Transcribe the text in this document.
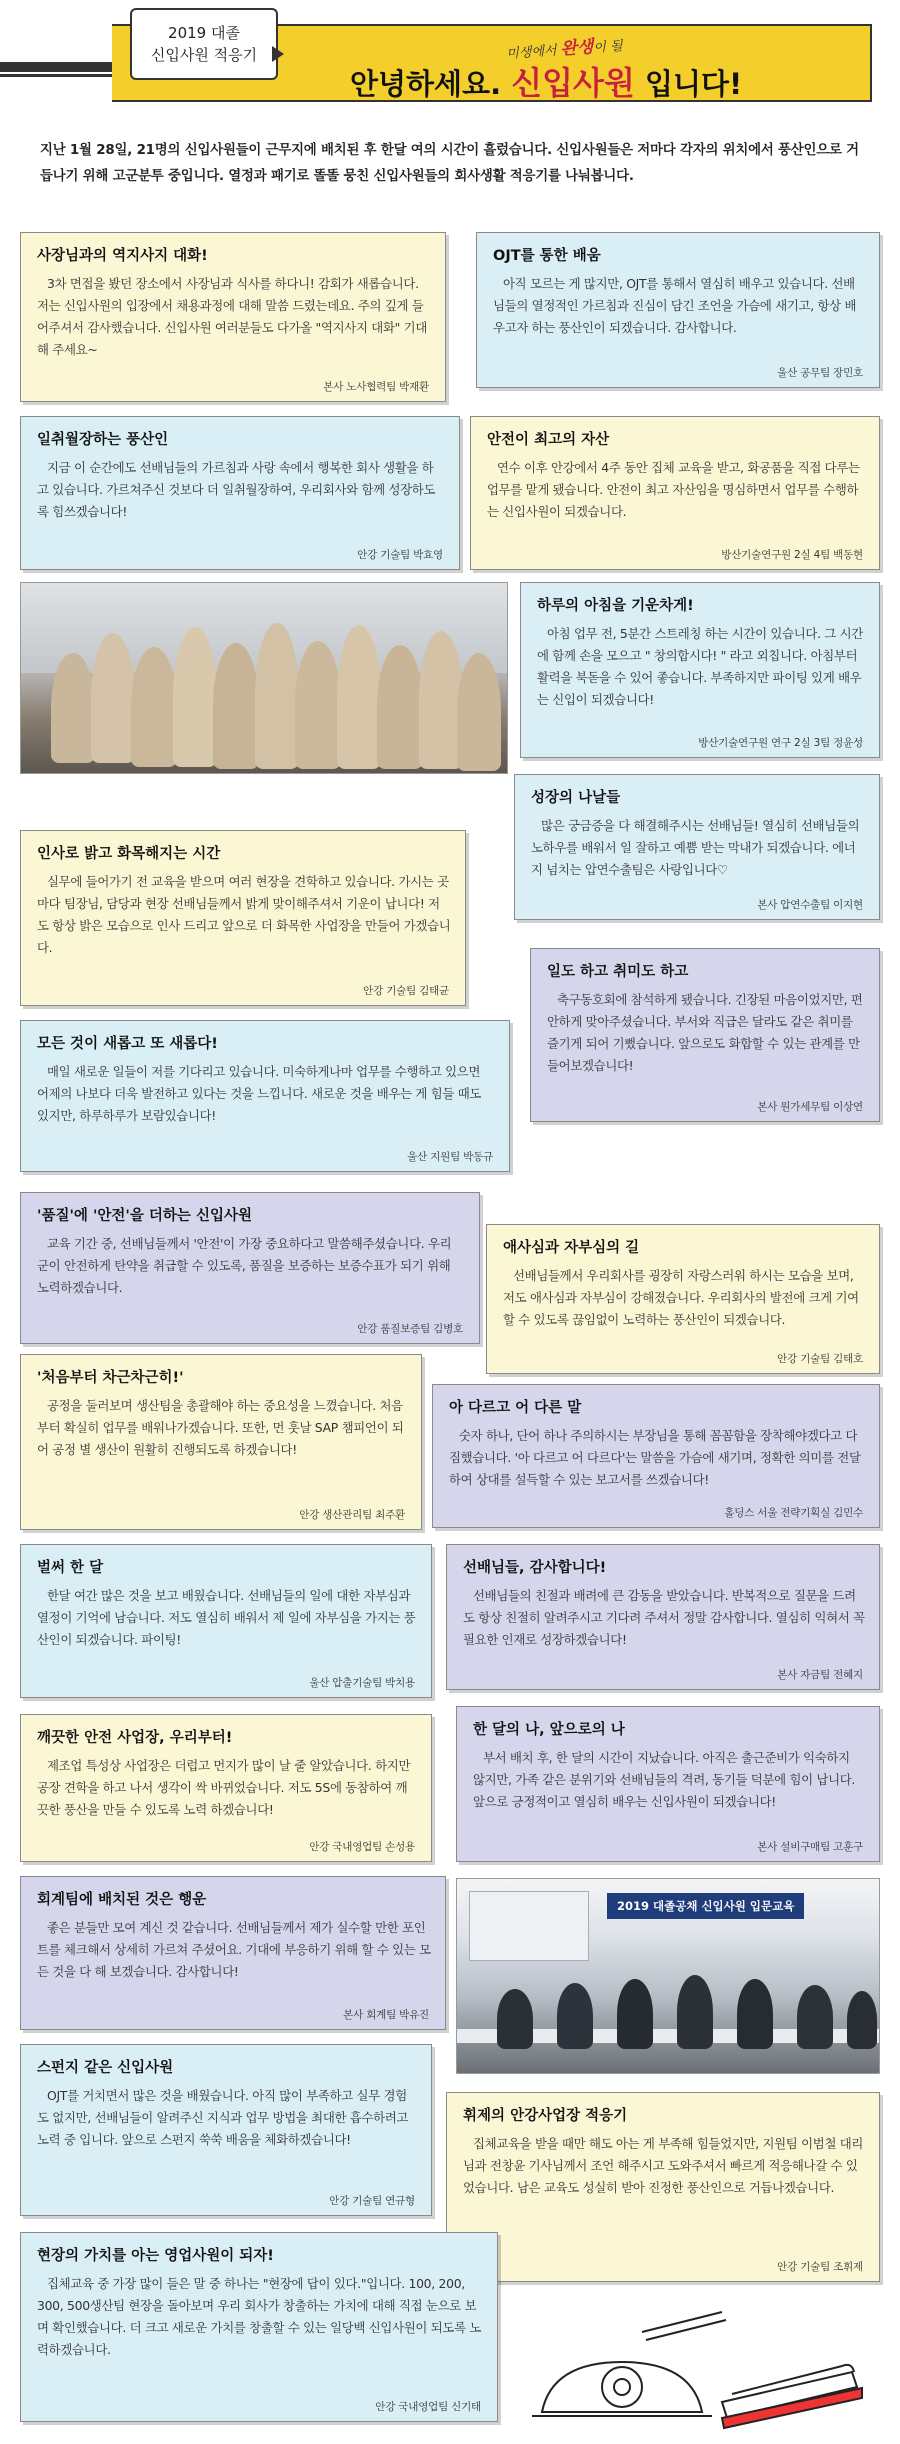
2019 대졸
신입사원 적응기	미생에서 완생이 될
안녕하세요. 신입사원 입니다!

지난 1월 28일, 21명의 신입사원들이 근무지에 배치된 후 한달 여의 시간이 흘렀습니다. 신입사원들은 저마다 각자의 위치에서 풍산인으로 거듭나기 위해 고군분투 중입니다. 열정과 패기로 똘똘 뭉친 신입사원들의 회사생활 적응기를 나눠봅니다.

사장님과의 역지사지 대화!

3차 면접을 봤던 장소에서 사장님과 식사를 하다니! 감회가 새롭습니다. 저는 신입사원의 입장에서 채용과정에 대해 말씀 드렸는데요. 주의 깊게 들어주셔서 감사했습니다. 신입사원 여러분들도 다가올 "역지사지 대화" 기대해 주세요~

본사 노사협력팀 박재환
OJT를 통한 배움

아직 모르는 게 많지만, OJT를 통해서 열심히 배우고 있습니다. 선배님들의 열정적인 가르침과 진심이 담긴 조언을 가슴에 새기고, 항상 배우고자 하는 풍산인이 되겠습니다. 감사합니다.

울산 공무팀 장민호
일취월장하는 풍산인

지금 이 순간에도 선배님들의 가르침과 사랑 속에서 행복한 회사 생활을 하고 있습니다. 가르쳐주신 것보다 더 일취월장하여, 우리회사와 함께 성장하도록 힘쓰겠습니다!

안강 기술팀 박효영
안전이 최고의 자산

연수 이후 안강에서 4주 동안 집체 교육을 받고, 화공품을 직접 다루는 업무를 맡게 됐습니다. 안전이 최고 자산임을 명심하면서 업무를 수행하는 신입사원이 되겠습니다.

방산기술연구원 2실 4팀 백동현
하루의 아침을 기운차게!

아침 업무 전, 5분간 스트레칭 하는 시간이 있습니다. 그 시간에 함께 손을 모으고 " 창의합시다! " 라고 외칩니다. 아침부터 활력을 북돋을 수 있어 좋습니다. 부족하지만 파이팅 있게 배우는 신입이 되겠습니다!

방산기술연구원 연구 2실 3팀 정윤성
성장의 나날들

많은 궁금증을 다 해결해주시는 선배님들! 열심히 선배님들의 노하우를 배워서 일 잘하고 예쁨 받는 막내가 되겠습니다. 에너지 넘치는 압연수출팀은 사랑입니다♡

본사 압연수출팀 이지현
인사로 밝고 화목해지는 시간

실무에 들어가기 전 교육을 받으며 여러 현장을 견학하고 있습니다. 가시는 곳 마다 팀장님, 담당과 현장 선배님들께서 밝게 맞이해주셔서 기운이 납니다! 저도 항상 밝은 모습으로 인사 드리고 앞으로 더 화목한 사업장을 만들어 가겠습니다.

안강 기술팀 김태균
일도 하고 취미도 하고

축구동호회에 참석하게 됐습니다. 긴장된 마음이었지만, 편안하게 맞아주셨습니다. 부서와 직급은 달라도 같은 취미를 즐기게 되어 기뻤습니다. 앞으로도 화합할 수 있는 관계를 만들어보겠습니다!

본사 원가세무팀 이상연
모든 것이 새롭고 또 새롭다!

매일 새로운 일들이 저를 기다리고 있습니다. 미숙하게나마 업무를 수행하고 있으면 어제의 나보다 더욱 발전하고 있다는 것을 느낍니다. 새로운 것을 배우는 게 힘들 때도 있지만, 하루하루가 보람있습니다!

울산 지원팀 박동규
'품질'에 '안전'을 더하는 신입사원

교육 기간 중, 선배님들께서 '안전'이 가장 중요하다고 말씀해주셨습니다. 우리 군이 안전하게 탄약을 취급할 수 있도록, 품질을 보증하는 보증수표가 되기 위해 노력하겠습니다.

안강 품질보증팀 김병호
애사심과 자부심의 길

선배님들께서 우리회사를 굉장히 자랑스러워 하시는 모습을 보며, 저도 애사심과 자부심이 강해졌습니다. 우리회사의 발전에 크게 기여할 수 있도록 끊임없이 노력하는 풍산인이 되겠습니다.

안강 기술팀 김태호
'처음부터 차근차근히!'

공정을 둘러보며 생산팀을 총괄해야 하는 중요성을 느꼈습니다. 처음부터 확실히 업무를 배워나가겠습니다. 또한, 먼 훗날 SAP 챔피언이 되어 공정 별 생산이 원활히 진행되도록 하겠습니다!

안강 생산관리팀 최주환
아 다르고 어 다른 말

숫자 하나, 단어 하나 주의하시는 부장님을 통해 꼼꼼함을 장착해야겠다고 다짐했습니다. '아 다르고 어 다르다'는 말씀을 가슴에 새기며, 정확한 의미를 전달하여 상대를 설득할 수 있는 보고서를 쓰겠습니다!

홀딩스 서울 전략기획실 김민수
벌써 한 달

한달 여간 많은 것을 보고 배웠습니다. 선배님들의 일에 대한 자부심과 열정이 기억에 남습니다. 저도 열심히 배워서 제 일에 자부심을 가지는 풍산인이 되겠습니다. 파이팅!

울산 압출기술팀 박치용
선배님들, 감사합니다!

선배님들의 친절과 배려에 큰 감동을 받았습니다. 반복적으로 질문을 드려도 항상 친절히 알려주시고 기다려 주셔서 정말 감사합니다. 열심히 익혀서 꼭 필요한 인재로 성장하겠습니다!

본사 자금팀 전혜지
깨끗한 안전 사업장, 우리부터!

제조업 특성상 사업장은 더럽고 먼지가 많이 날 줄 알았습니다. 하지만 공장 견학을 하고 나서 생각이 싹 바뀌었습니다. 저도 5S에 동참하여 깨끗한 풍산을 만들 수 있도록 노력 하겠습니다!

안강 국내영업팀 손성용
한 달의 나, 앞으로의 나

부서 배치 후, 한 달의 시간이 지났습니다. 아직은 출근준비가 익숙하지 않지만, 가족 같은 분위기와 선배님들의 격려, 동기들 덕분에 힘이 납니다. 앞으로 긍정적이고 열심히 배우는 신입사원이 되겠습니다!

본사 설비구매팀 고훈구
회계팀에 배치된 것은 행운

좋은 분들만 모여 계신 것 같습니다. 선배님들께서 제가 실수할 만한 포인트를 체크해서 상세히 가르쳐 주셨어요. 기대에 부응하기 위해 할 수 있는 모든 것을 다 해 보겠습니다. 감사합니다!

본사 회계팀 박유진
2019 대졸공채 신입사원 입문교육
스펀지 같은 신입사원

OJT를 거치면서 많은 것을 배웠습니다. 아직 많이 부족하고 실무 경험도 없지만, 선배님들이 알려주신 지식과 업무 방법을 최대한 흡수하려고 노력 중 입니다. 앞으로 스펀지 쑥쑥 배움을 체화하겠습니다!

안강 기술팀 연규형
휘제의 안강사업장 적응기

집체교육을 받을 때만 해도 아는 게 부족해 힘들었지만, 지원팀 이범철 대리님과 전창윤 기사님께서 조언 해주시고 도와주셔서 빠르게 적응해나갈 수 있었습니다. 남은 교육도 성실히 받아 진정한 풍산인으로 거듭나겠습니다.

안강 기술팀 조휘제
현장의 가치를 아는 영업사원이 되자!

집체교육 중 가장 많이 들은 말 중 하나는 "현장에 답이 있다."입니다. 100, 200, 300, 500생산팀 현장을 돌아보며 우리 회사가 창출하는 가치에 대해 직접 눈으로 보며 확인했습니다. 더 크고 새로운 가치를 창출할 수 있는 일당백 신입사원이 되도록 노력하겠습니다.

안강 국내영업팀 신기태
